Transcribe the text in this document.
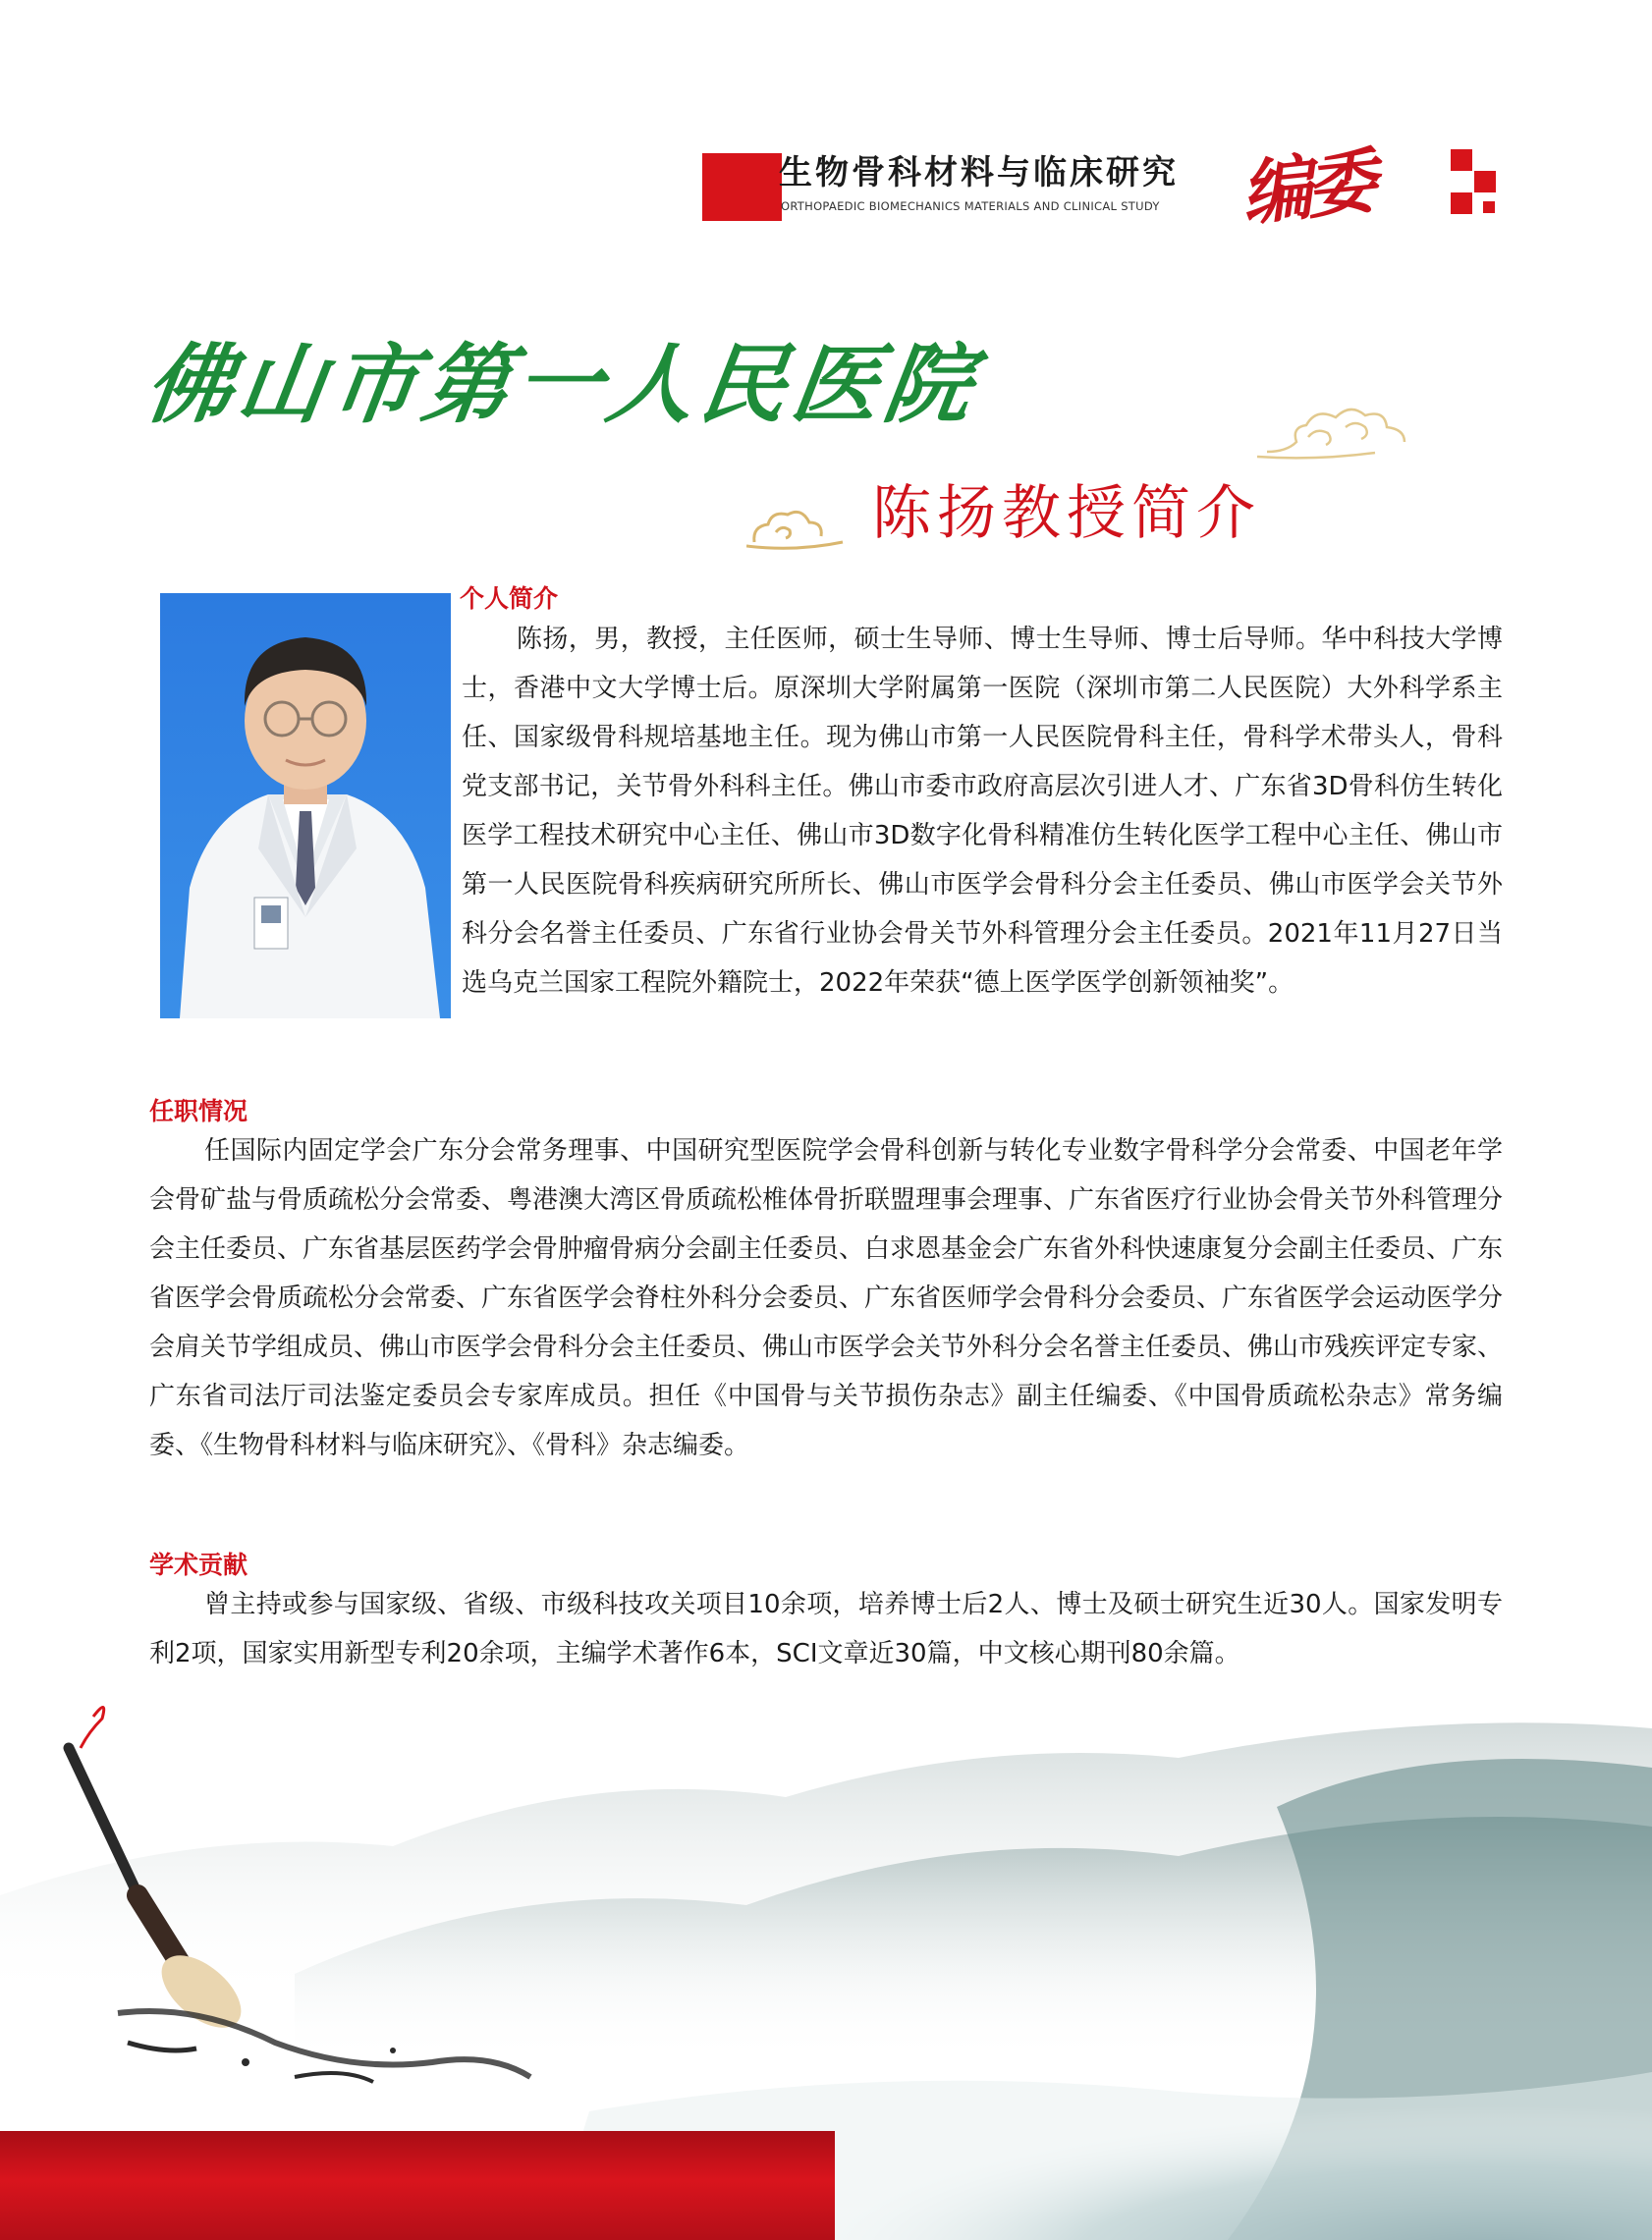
生物骨科材料与临床研究
ORTHOPAEDIC BIOMECHANICS MATERIALS AND CLINICAL STUDY 编委
佛山市第一人民医院
陈扬教授简介
个人简介
陈扬，男，教授，主任医师，硕士生导师、博士生导师、博士后导师。华中科技大学博士，香港中文大学博士后。原深圳大学附属第一医院（深圳市第二人民医院）大外科学系主任、国家级骨科规培基地主任。现为佛山市第一人民医院骨科主任，骨科学术带头人，骨科党支部书记，关节骨外科科主任。佛山市委市政府高层次引进人才、广东省3D骨科仿生转化医学工程技术研究中心主任、佛山市3D数字化骨科精准仿生转化医学工程中心主任、佛山市第一人民医院骨科疾病研究所所长、佛山市医学会骨科分会主任委员、佛山市医学会关节外科分会名誉主任委员、广东省行业协会骨关节外科管理分会主任委员。2021年11月27日当选乌克兰国家工程院外籍院士，2022年荣获“德上医学医学创新领袖奖”。
任职情况
任国际内固定学会广东分会常务理事、中国研究型医院学会骨科创新与转化专业数字骨科学分会常委、中国老年学会骨矿盐与骨质疏松分会常委、粤港澳大湾区骨质疏松椎体骨折联盟理事会理事、广东省医疗行业协会骨关节外科管理分会主任委员、广东省基层医药学会骨肿瘤骨病分会副主任委员、白求恩基金会广东省外科快速康复分会副主任委员、广东省医学会骨质疏松分会常委、广东省医学会脊柱外科分会委员、广东省医师学会骨科分会委员、广东省医学会运动医学分会肩关节学组成员、佛山市医学会骨科分会主任委员、佛山市医学会关节外科分会名誉主任委员、佛山市残疾评定专家、广东省司法厅司法鉴定委员会专家库成员。担任《中国骨与关节损伤杂志》副主任编委、《中国骨质疏松杂志》常务编委、《生物骨科材料与临床研究》、《骨科》杂志编委。
学术贡献
曾主持或参与国家级、省级、市级科技攻关项目10余项，培养博士后2人、博士及硕士研究生近30人。国家发明专利2项，国家实用新型专利20余项，主编学术著作6本，SCI文章近30篇，中文核心期刊80余篇。
